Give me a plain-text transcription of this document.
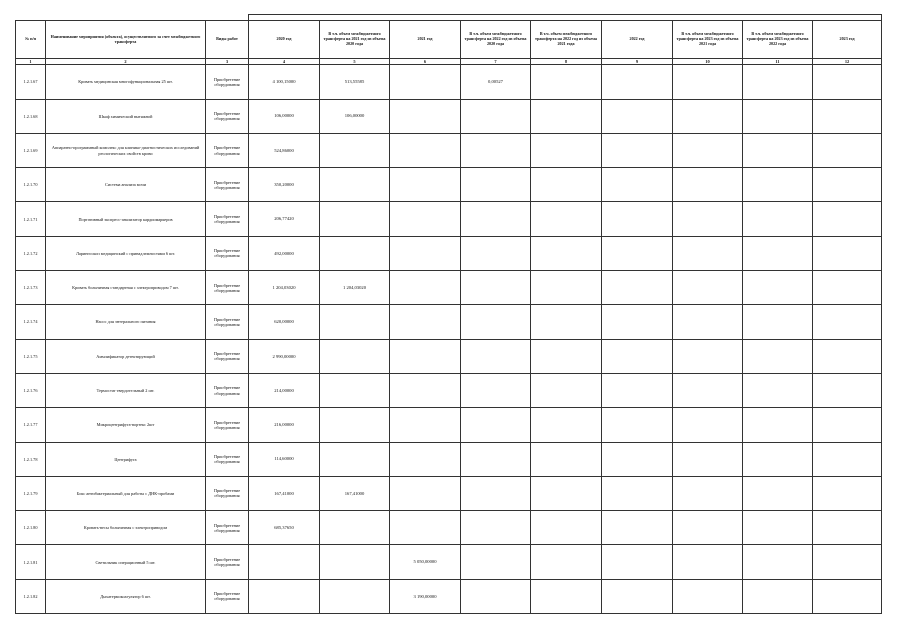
№ п/п	Наименование мероприятия (объекта), осуществляемого за счет межбюджетного трансферта	Виды работ	2020 год	В т.ч. объем межбюджетного трансферта на 2021 год из объема 2020 года	2021 год	В т.ч. объем межбюджетного трансферта на 2022 год из объема 2020 года	В т.ч. объем межбюджетного трансферта на 2022 год из объема 2021 года	2022 год	В т.ч. объем межбюджетного трансферта на 2023 год из объема 2021 года	В т.ч. объем межбюджетного трансферта на 2023 год из объема 2022 года	2023 год
1	2	3	4	5	6	7	8	9	10	11	12
1.2.1.67	Кровать медицинская многофункциональная 25 шт.	Приобретение оборудования	4 100,15000	513,55585		0,00527					
1.2.1.68	Шкаф химический вытяжной	Приобретение оборудования	106,00000	106,00000							
1.2.1.69	Аппаратно-программный комплекс для клинико-диагностических исследований реологических свойств крови	Приобретение оборудования	524,86000								
1.2.1.70	Система анализа мочи	Приобретение оборудования	350,20000								
1.2.1.71	Портативный экспресс-анализатор кардиомаркеров	Приобретение оборудования	206,77420								
1.2.1.72	Ларингоскоп медицинский с принадлежностями 6 шт.	Приобретение оборудования	492,00000								
1.2.1.73	Кровать больничная стандартная с электроприводом 7 шт.	Приобретение оборудования	1 204,03020	1 204,03020							
1.2.1.74	Насос для энтерального питания	Приобретение оборудования	620,00000								
1.2.1.75	Аммлификатор детектирующий	Приобретение оборудования	2 990,00000								
1.2.1.76	Термостат твердотельный 2 шт.	Приобретение оборудования	214,00000								
1.2.1.77	Микроцентрифуга-вортекс 2шт	Приобретение оборудования	216,00000								
1.2.1.78	Центрифуга	Приобретение оборудования	114,60000								
1.2.1.79	Бокс антибактериальный для работы с ДНК-пробами	Приобретение оборудования	167,41000	167,41000							
1.2.1.80	Кровать-весы больничная с электроприводом	Приобретение оборудования	685,37650								
1.2.1.81	Светильник операционный 5 шт.	Приобретение оборудования			5 050,00000						
1.2.1.82	Дыхатермокоагулятор 6 шт.	Приобретение оборудования			3 190,00000						
